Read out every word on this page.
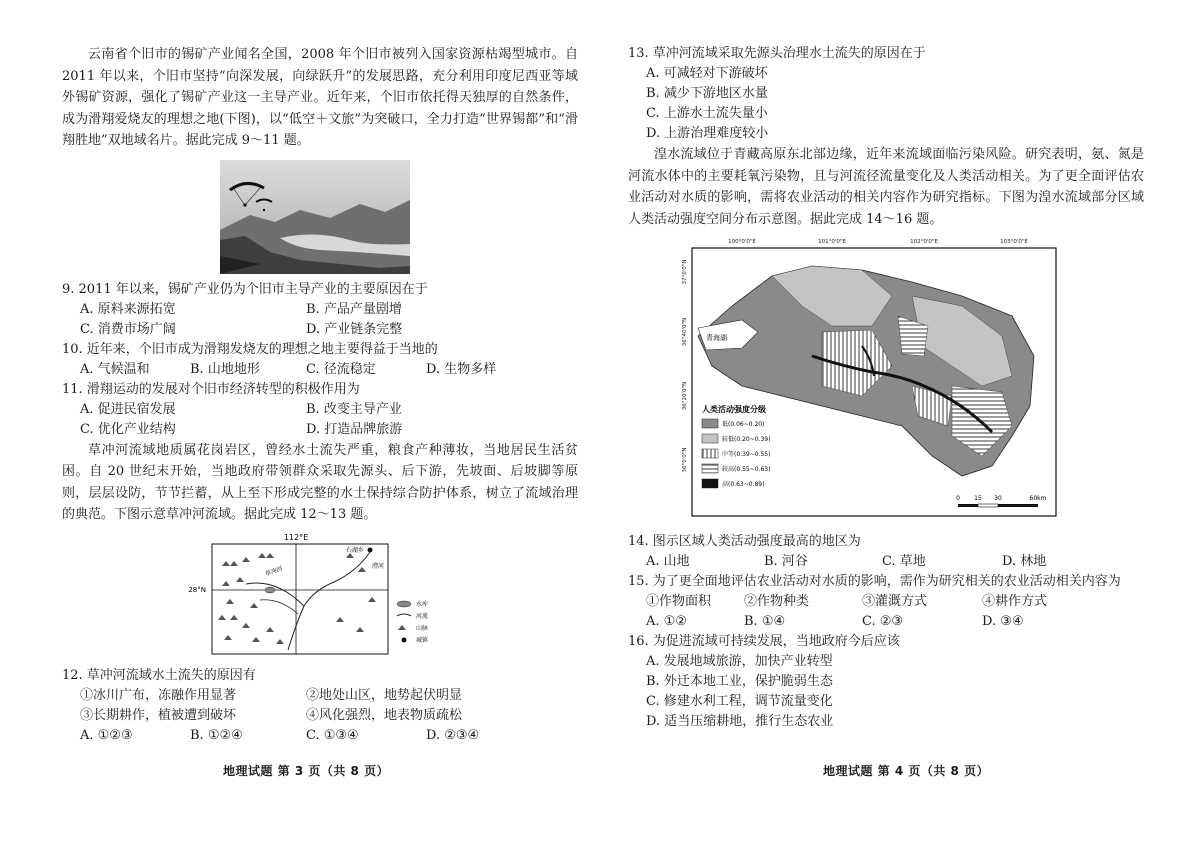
云南省个旧市的锡矿产业闻名全国，2008 年个旧市被列入国家资源枯竭型城市。自 2011 年以来，个旧市坚持“向深发展，向绿跃升”的发展思路，充分利用印度尼西亚等域外锡矿资源，强化了锡矿产业这一主导产业。近年来，个旧市依托得天独厚的自然条件，成为滑翔爱烧友的理想之地(下图)，以“低空＋文旅”为突破口，全力打造“世界锡都”和“滑翔胜地”双地域名片。据此完成 9～11 题。

9. 2011 年以来，锡矿产业仍为个旧市主导产业的主要原因在于

A. 原料来源拓宽	B. 产品产量剧增
C. 消费市场广阔	D. 产业链条完整

10. 近年来，个旧市成为滑翔发烧友的理想之地主要得益于当地的

A. 气候温和	B. 山地地形	C. 径流稳定	D. 生物多样

11. 滑翔运动的发展对个旧市经济转型的积极作用为

A. 促进民宿发展	B. 改变主导产业
C. 优化产业结构	D. 打造品牌旅游

草冲河流域地质属花岗岩区，曾经水土流失严重，粮食产种薄妆，当地居民生活贫困。自 20 世纪末开始，当地政府带领群众采取先源头、后下游，先坡面、后坡脚等原则，层层设防，节节拦蓄，从上至下形成完整的水土保持综合防护体系，树立了流域治理的典范。下图示意草冲河流域。据此完成 12～13 题。

112°E
28°N
石湖乡
草冲河	澧河
水库
河流
山脉
城镇

12. 草冲河流域水土流失的原因有

①冰川广布，冻融作用显著	②地处山区，地势起伏明显
③长期耕作，植被遭到破坏	④风化强烈，地表物质疏松
A. ①②③	B. ①②④	C. ①③④	D. ②③④
地理试题 第 3 页（共 8 页）

13. 草冲河流域采取先源头治理水土流失的原因在于

A. 可减轻对下游破坏

B. 减少下游地区水量

C. 上游水土流失量小

D. 上游治理难度较小

湟水流域位于青藏高原东北部边缘，近年来流域面临污染风险。研究表明，氨、氮是河流水体中的主要耗氧污染物，且与河流径流量变化及人类活动相关。为了更全面评估农业活动对水质的影响，需将农业活动的相关内容作为研究指标。下图为湟水流域部分区域人类活动强度空间分布示意图。据此完成 14～16 题。

100°0'0"E	101°0'0"E	102°0'0"E	103°0'0"E
37°0'0"N
36°40'0"N
36°20'0"N
36°0'0"N
青海湖
人类活动强度分级
低(0.06~0.20)
较低(0.20~0.39)
中等(0.39~0.55)
较高(0.55~0.63)
高(0.63~0.89)
0 15 30	60km

14. 图示区域人类活动强度最高的地区为

A. 山地	B. 河谷	C. 草地	D. 林地

15. 为了更全面地评估农业活动对水质的影响，需作为研究相关的农业活动相关内容为

①作物面积	②作物种类	③灌溉方式	④耕作方式
A. ①②	B. ①④	C. ②③	D. ③④

16. 为促进流域可持续发展，当地政府今后应该

A. 发展地域旅游，加快产业转型

B. 外迁本地工业，保护脆弱生态

C. 修建水利工程，调节流量变化

D. 适当压缩耕地，推行生态农业

地理试题 第 4 页（共 8 页）
